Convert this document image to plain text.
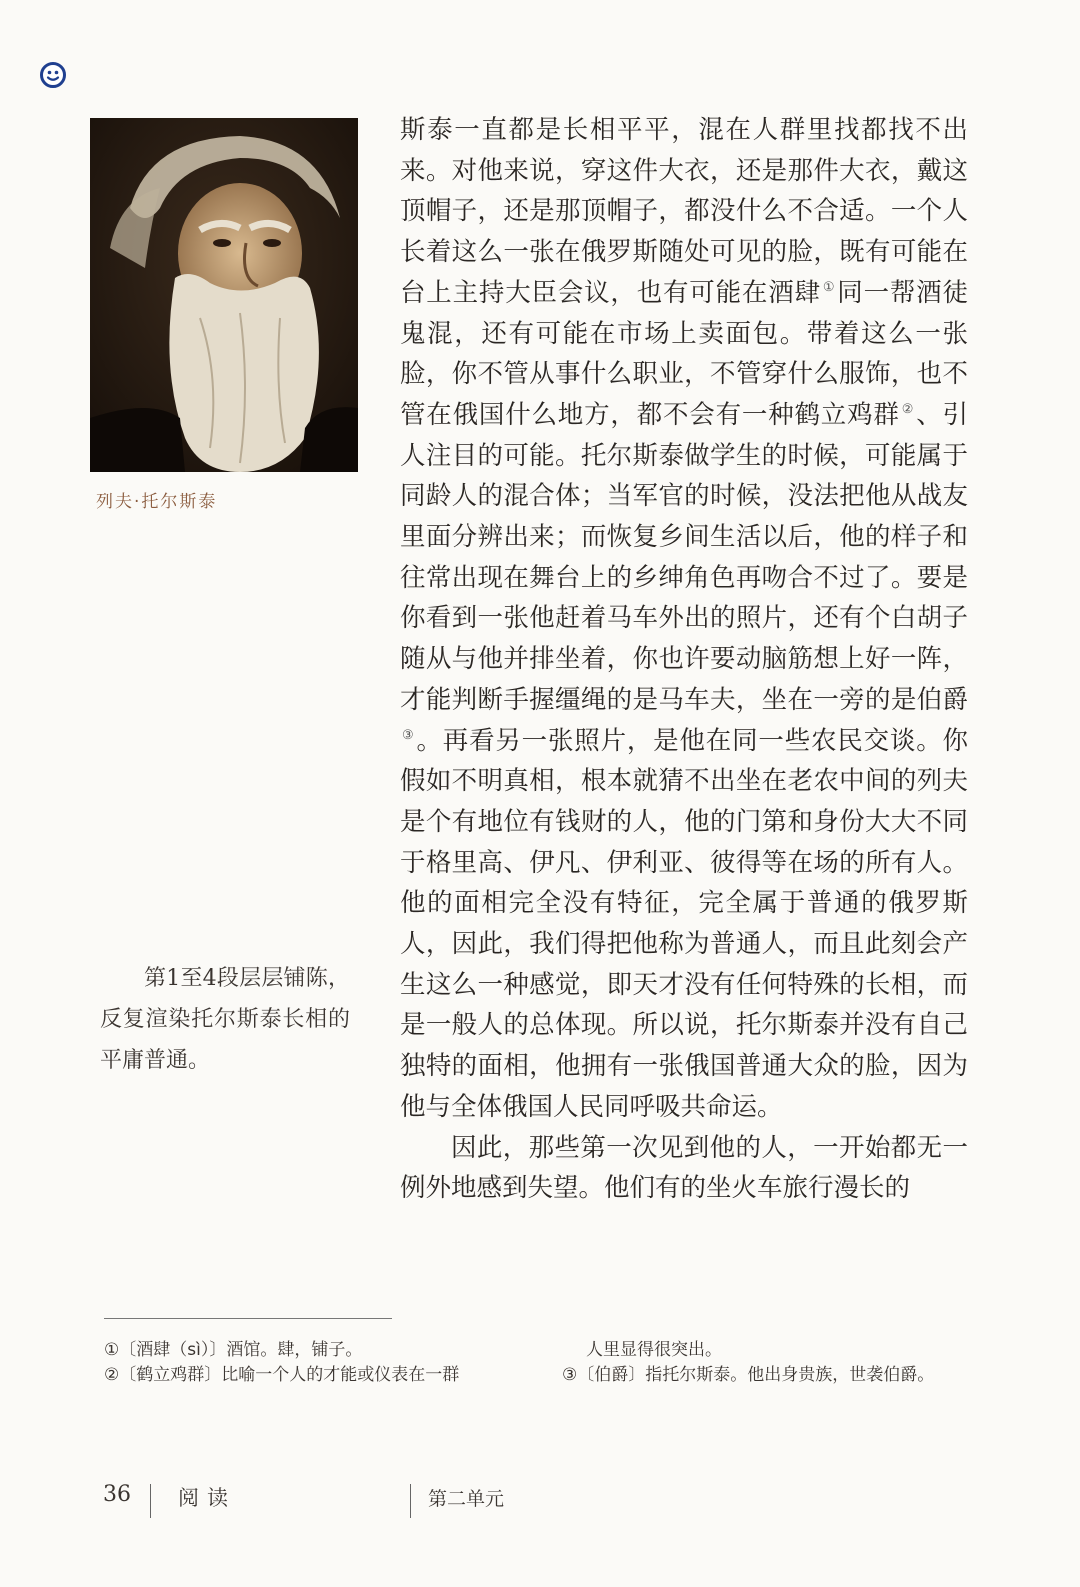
列夫·托尔斯泰
第1至4段层层铺陈，反复渲染托尔斯泰长相的平庸普通。

斯泰一直都是长相平平，混在人群里找都找不出来。对他来说，穿这件大衣，还是那件大衣，戴这顶帽子，还是那顶帽子，都没什么不合适。一个人长着这么一张在俄罗斯随处可见的脸，既有可能在台上主持大臣会议，也有可能在酒肆 ①同一帮酒徒鬼混，还有可能在市场上卖面包。带着这么一张脸，你不管从事什么职业，不管穿什么服饰，也不管在俄国什么地方，都不会有一种鹤立鸡群 ②、引人注目的可能。托尔斯泰做学生的时候，可能属于同龄人的混合体；当军官的时候，没法把他从战友里面分辨出来；而恢复乡间生活以后，他的样子和往常出现在舞台上的乡绅角色再吻合不过了。要是你看到一张他赶着马车外出的照片，还有个白胡子随从与他并排坐着，你也许要动脑筋想上好一阵，才能判断手握缰绳的是马车夫，坐在一旁的是伯爵③。再看另一张照片，是他在同一些农民交谈。你假如不明真相，根本就猜不出坐在老农中间的列夫是个有地位有钱财的人，他的门第和身份大大不同于格里高、伊凡、伊利亚、彼得等在场的所有人。他的面相完全没有特征，完全属于普通的俄罗斯人，因此，我们得把他称为普通人，而且此刻会产生这么一种感觉，即天才没有任何特殊的长相，而是一般人的总体现。所以说，托尔斯泰并没有自己独特的面相，他拥有一张俄国普通大众的脸，因为他与全体俄国人民同呼吸共命运。

因此，那些第一次见到他的人，一开始都无一例外地感到失望。他们有的坐火车旅行漫长的

①〔酒肆（sì）〕酒馆。肆，铺子。
②〔鹤立鸡群〕比喻一个人的才能或仪表在一群
人里显得很突出。
③〔伯爵〕指托尔斯泰。他出身贵族，世袭伯爵。
36 阅读	第二单元
